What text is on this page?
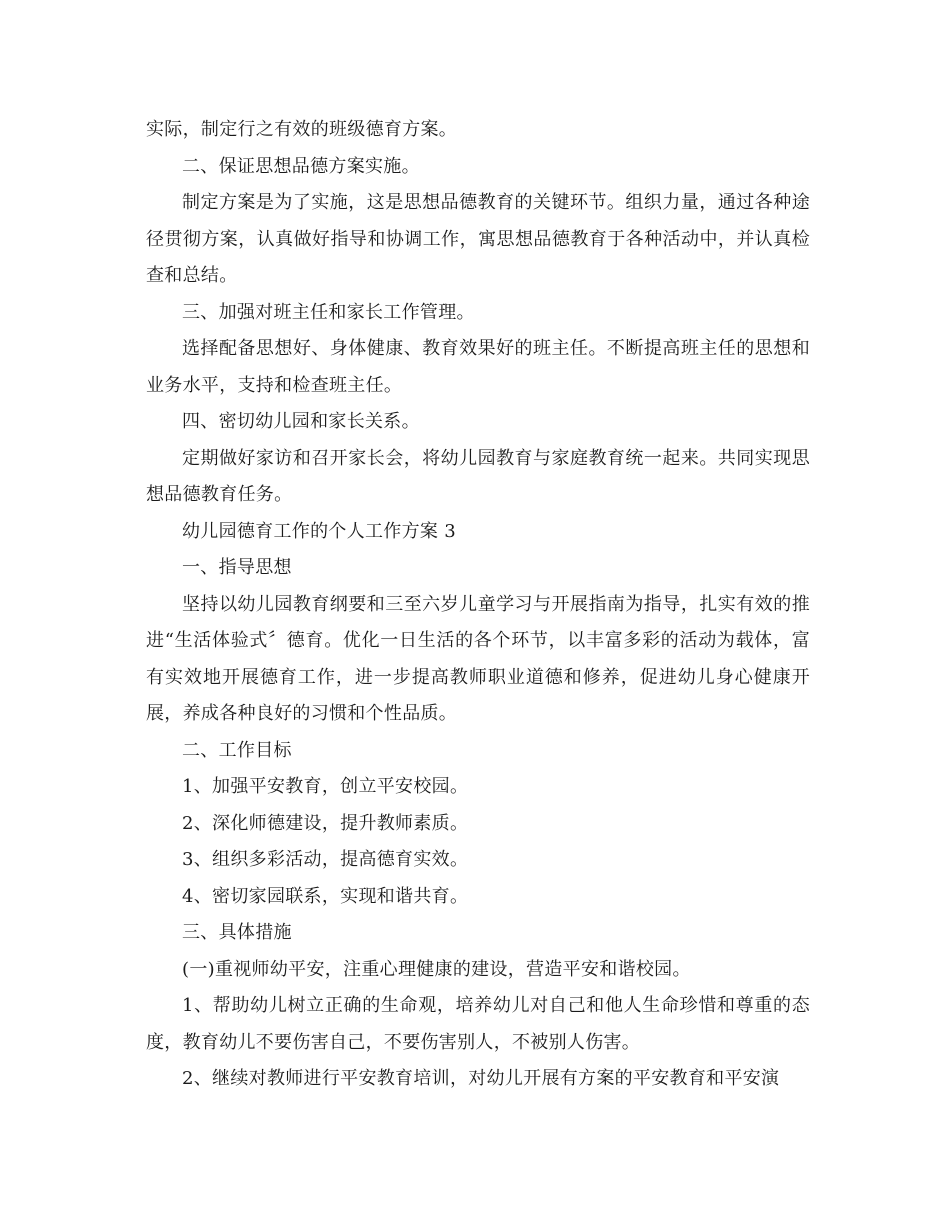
实际，制定行之有效的班级德育方案。

二、保证思想品德方案实施。

制定方案是为了实施，这是思想品德教育的关键环节。组织力量，通过各种途径贯彻方案，认真做好指导和协调工作，寓思想品德教育于各种活动中，并认真检查和总结。

三、加强对班主任和家长工作管理。

选择配备思想好、身体健康、教育效果好的班主任。不断提高班主任的思想和业务水平，支持和检查班主任。

四、密切幼儿园和家长关系。

定期做好家访和召开家长会，将幼儿园教育与家庭教育统一起来。共同实现思想品德教育任务。

幼儿园德育工作的个人工作方案 3

一、指导思想

坚持以幼儿园教育纲要和三至六岁儿童学习与开展指南为指导，扎实有效的推进“生活体验式〞德育。优化一日生活的各个环节，以丰富多彩的活动为载体，富有实效地开展德育工作，进一步提高教师职业道德和修养，促进幼儿身心健康开展，养成各种良好的习惯和个性品质。

二、工作目标

1、加强平安教育，创立平安校园。

2、深化师德建设，提升教师素质。

3、组织多彩活动，提高德育实效。

4、密切家园联系，实现和谐共育。

三、具体措施

(一)重视师幼平安，注重心理健康的建设，营造平安和谐校园。

1、帮助幼儿树立正确的生命观，培养幼儿对自己和他人生命珍惜和尊重的态度，教育幼儿不要伤害自己，不要伤害别人，不被别人伤害。

2、继续对教师进行平安教育培训，对幼儿开展有方案的平安教育和平安演
